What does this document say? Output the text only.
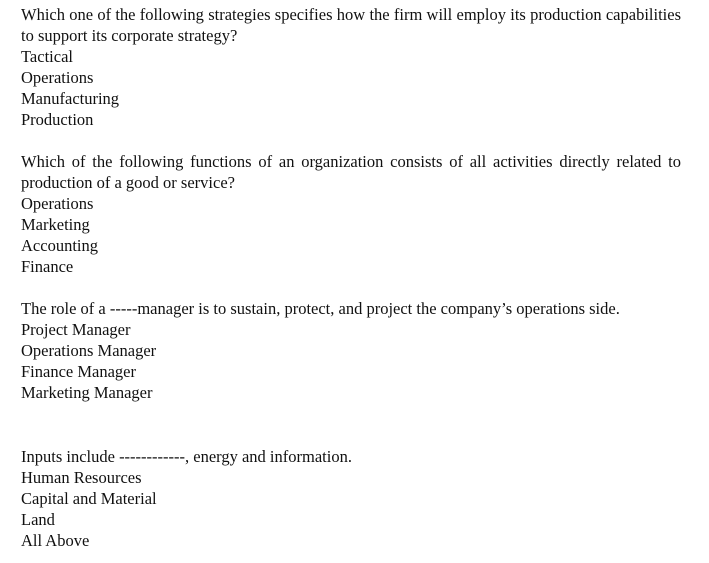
Which one of the following strategies specifies how the firm will employ its production capabilities to support its corporate strategy?

Tactical
Operations
Manufacturing
Production

Which of the following functions of an organization consists of all activities directly related to production of a good or service?

Operations
Marketing
Accounting
Finance

The role of a -----manager is to sustain, protect, and project the company’s operations side.

Project Manager
Operations Manager
Finance Manager
Marketing Manager

Inputs include ------------, energy and information.

Human Resources
Capital and Material
Land
All Above
